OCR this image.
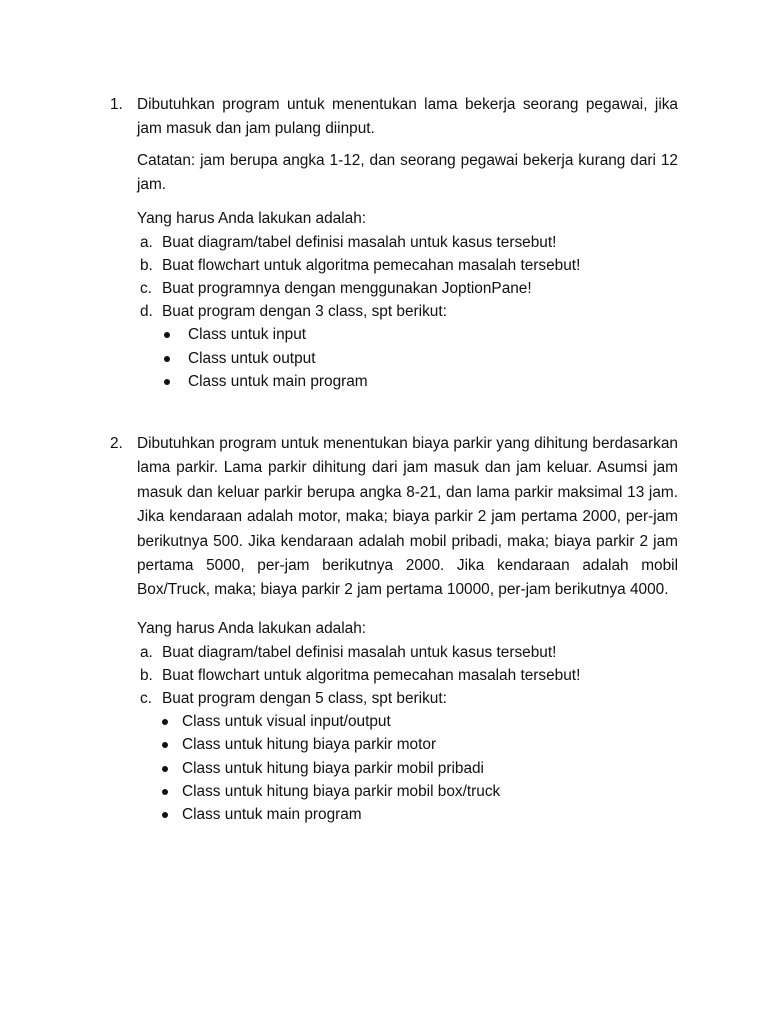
1. Dibutuhkan program untuk menentukan lama bekerja seorang pegawai, jika jam masuk dan jam pulang diinput.

Catatan: jam berupa angka 1-12, dan seorang pegawai bekerja kurang dari 12 jam.

Yang harus Anda lakukan adalah:

a. Buat diagram/tabel definisi masalah untuk kasus tersebut!
b. Buat flowchart untuk algoritma pemecahan masalah tersebut!
c. Buat programnya dengan menggunakan JoptionPane!
d. Buat program dengan 3 class, spt berikut:
Class untuk input
Class untuk output
Class untuk main program
2. Dibutuhkan program untuk menentukan biaya parkir yang dihitung berdasarkan lama parkir. Lama parkir dihitung dari jam masuk dan jam keluar. Asumsi jam masuk dan keluar parkir berupa angka 8-21, dan lama parkir maksimal 13 jam. Jika kendaraan adalah motor, maka; biaya parkir 2 jam pertama 2000, per-jam berikutnya 500. Jika kendaraan adalah mobil pribadi, maka; biaya parkir 2 jam pertama 5000, per-jam berikutnya 2000. Jika kendaraan adalah mobil Box/Truck, maka; biaya parkir 2 jam pertama 10000, per-jam berikutnya 4000.

Yang harus Anda lakukan adalah:

a. Buat diagram/tabel definisi masalah untuk kasus tersebut!
b. Buat flowchart untuk algoritma pemecahan masalah tersebut!
c. Buat program dengan 5 class, spt berikut:
Class untuk visual input/output
Class untuk hitung biaya parkir motor
Class untuk hitung biaya parkir mobil pribadi
Class untuk hitung biaya parkir mobil box/truck
Class untuk main program
